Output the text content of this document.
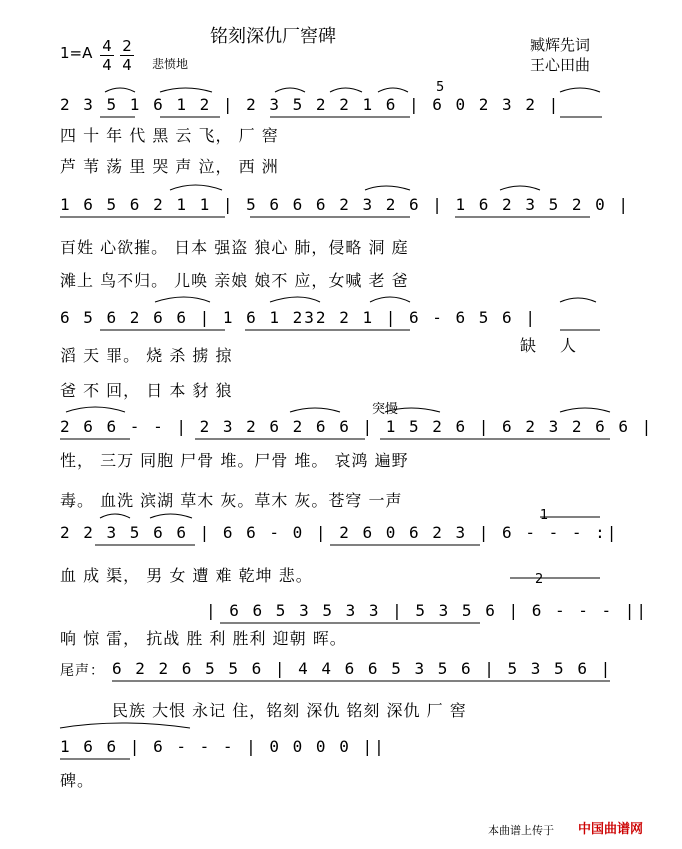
铭刻深仇厂窖碑	臧辉先词
王心田曲
1=A 4
4
2
4 悲愤地
2 3 5 1 6 1 2 | 2 3 5 2 2 1 6 | 6 0 2 3 2 |
5
四 十 年 代 黑 云 飞， 厂 窖
芦 苇 荡 里 哭 声 泣， 西 洲
1 6 5 6 2 1 1 | 5 6 6 6 2 3 2 6 | 1 6 2 3 5 2 0 |
百姓 心欲摧。 日本 强盗 狼心 肺，侵略 洞 庭
滩上 鸟不归。 儿唤 亲娘 娘不 应，女喊 老 爸
6 5 6 2 6 6 | 1 6 1 232 2 1 | 6 - 6 5 6 |
滔 天 罪。 烧 杀 掳 掠
缺 人
爸 不 回， 日 本 豺 狼
突慢
2 6 6 - - | 2 3 2 6 2 6 6 | 1 5 2 6 | 6 2 3 2 6 6 |
性， 三万 同胞 尸骨 堆。尸骨 堆。 哀鸿 遍野
毒。 血洗 滨湖 草木 灰。草木 灰。苍穹 一声
2 2 3 5 6 6 | 6 6 - 0 | 2 6 0 6 2 3 | 6 - - - :|
1
血 成 渠， 男 女 遭 难 乾坤 悲。	2
| 6 6 5 3 5 3 3 | 5 3 5 6 | 6 - - - ||
响 惊 雷， 抗战 胜 利 胜利 迎朝 晖。
尾声： 6 2 2 6 5 5 6 | 4 4 6 6 5 3 5 6 | 5 3 5 6 |
民族 大恨 永记 住，铭刻 深仇 铭刻 深仇 厂 窖
1 6 6 | 6 - - - | 0 0 0 0 ||
碑。
本曲谱上传于 中国曲谱网
